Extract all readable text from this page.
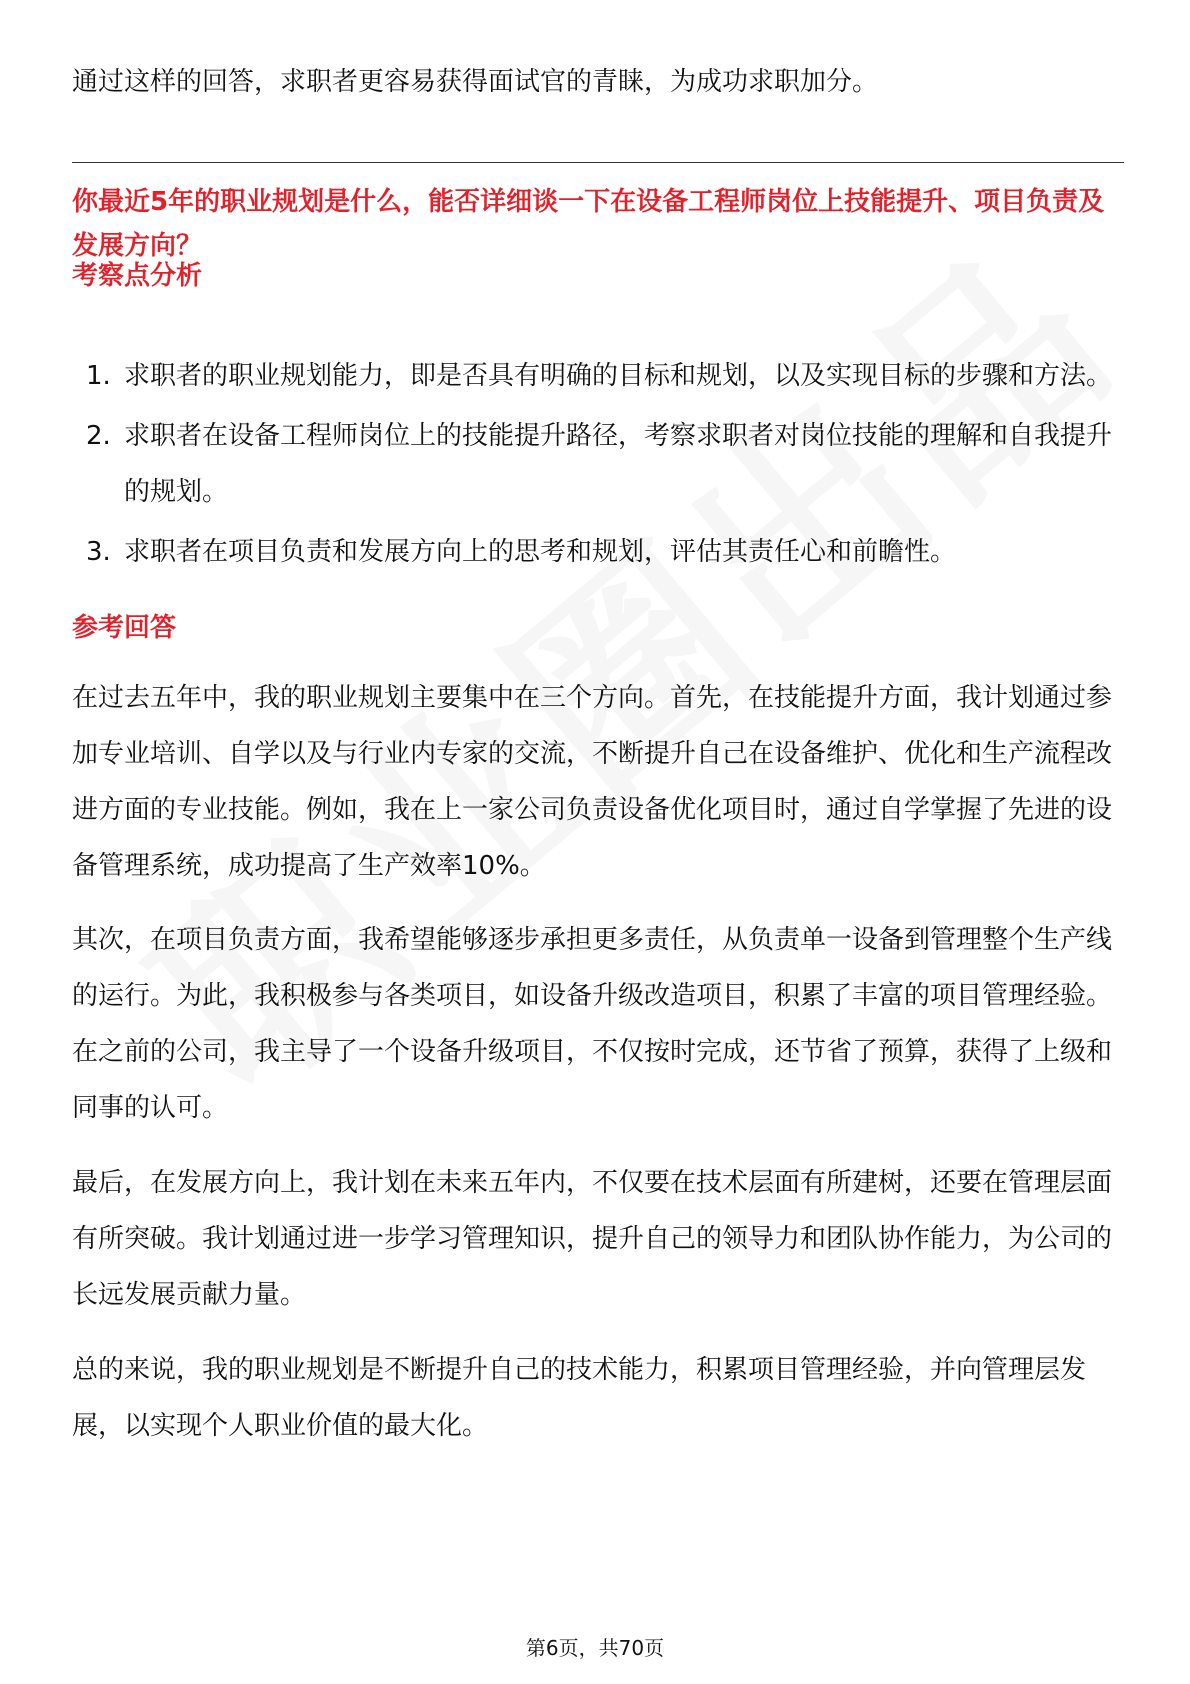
通过这样的回答，求职者更容易获得面试官的青睐，为成功求职加分。

你最近5年的职业规划是什么，能否详细谈一下在设备工程师岗位上技能提升、项目负责及发展方向？
考察点分析
1. 求职者的职业规划能力，即是否具有明确的目标和规划，以及实现目标的步骤和方法。
2. 求职者在设备工程师岗位上的技能提升路径，考察求职者对岗位技能的理解和自我提升的规划。
3. 求职者在项目负责和发展方向上的思考和规划，评估其责任心和前瞻性。
参考回答

在过去五年中，我的职业规划主要集中在三个方向。首先，在技能提升方面，我计划通过参加专业培训、自学以及与行业内专家的交流，不断提升自己在设备维护、优化和生产流程改进方面的专业技能。例如，我在上一家公司负责设备优化项目时，通过自学掌握了先进的设备管理系统，成功提高了生产效率10%。

其次，在项目负责方面，我希望能够逐步承担更多责任，从负责单一设备到管理整个生产线的运行。为此，我积极参与各类项目，如设备升级改造项目，积累了丰富的项目管理经验。在之前的公司，我主导了一个设备升级项目，不仅按时完成，还节省了预算，获得了上级和同事的认可。

最后，在发展方向上，我计划在未来五年内，不仅要在技术层面有所建树，还要在管理层面有所突破。我计划通过进一步学习管理知识，提升自己的领导力和团队协作能力，为公司的长远发展贡献力量。

总的来说，我的职业规划是不断提升自己的技术能力，积累项目管理经验，并向管理层发展，以实现个人职业价值的最大化。

第6页，共70页
